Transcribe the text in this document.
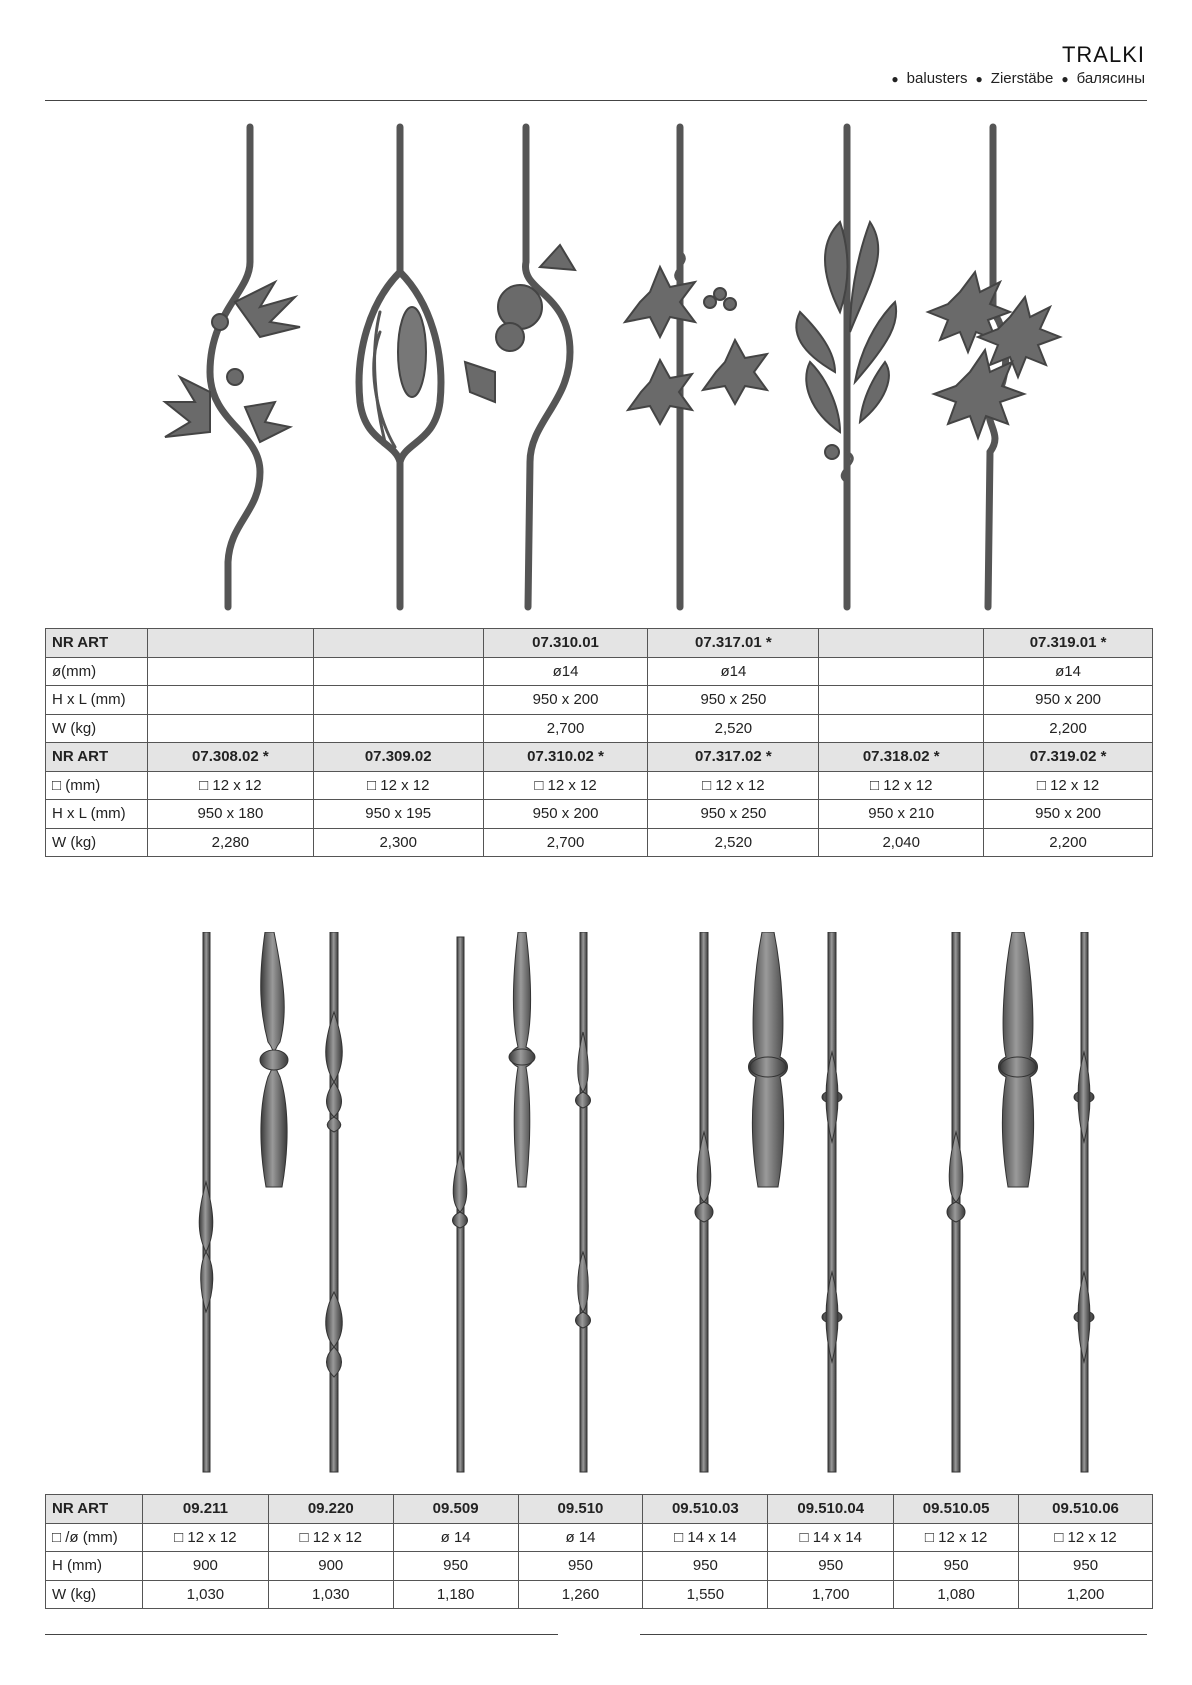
TRALKI
● balusters ● Zierstäbe ● балясины
NR ART			07.310.01	07.317.01 *		07.319.01 *
ø(mm)			ø14	ø14		ø14
H x L (mm)			950 x 200	950 x 250		950 x 200
W (kg)			2,700	2,520		2,200
NR ART	07.308.02 *	07.309.02	07.310.02 *	07.317.02 *	07.318.02 *	07.319.02 *
□ (mm)	□ 12 x 12	□ 12 x 12	□ 12 x 12	□ 12 x 12	□ 12 x 12	□ 12 x 12
H x L (mm)	950 x 180	950 x 195	950 x 200	950 x 250	950 x 210	950 x 200
W (kg)	2,280	2,300	2,700	2,520	2,040	2,200
NR ART	09.211	09.220	09.509	09.510	09.510.03	09.510.04	09.510.05	09.510.06
□ /ø (mm)	□ 12 x 12	□ 12 x 12	ø 14	ø 14	□ 14 x 14	□ 14 x 14	□ 12 x 12	□ 12 x 12
H (mm)	900	900	950	950	950	950	950	950
W (kg)	1,030	1,030	1,180	1,260	1,550	1,700	1,080	1,200
